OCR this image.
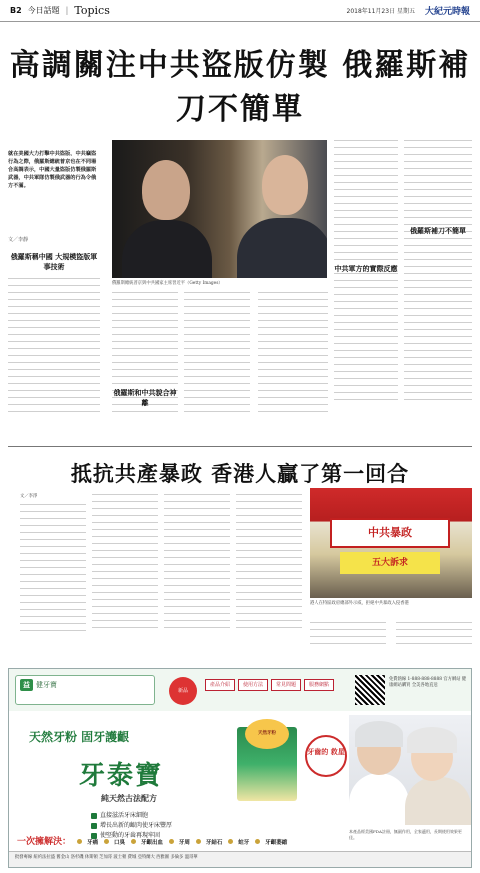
B2 今日話題 | Topics	2018年11月23日 星期五 大紀元時報
高調關注中共盜版仿製 俄羅斯補刀不簡單
就在美國大力打擊中共盜版、中共竊盜行為之際，俄羅斯總統普京也在不同場合高調表示，中國大量盜版仿製俄羅斯武器，中共軍隊仿製俄武器的行為令俄方不滿。
文／李靜
俄羅斯稱中國 大規模盜版軍事技術
俄羅斯總統普京與中共國家主席習近平（Getty Images）
俄羅斯和中共貌合神離
中共軍方的實際反應
俄羅斯補刀不簡單
抵抗共產暴政 香港人贏了第一回合
文／李淨
中共暴政
五大訴求
港人在特區政府總部外示威，拒絕中共暴政入侵香港
益 健牙寶
新品
產品介紹	使用方法	常見問題	服務網點
免費熱線 1-888-888-8888 官方網站 健康網站購買 全美各地直送
天然牙粉 固牙護齦
牙泰寶
純天然古法配方
直接滋活牙床細胞
增長出新的齦肉使牙床豐厚
使堅動的牙齒再現牢固
天然牙粉
牙齒的 救星
本產品經美國FDA註冊，無副作用，全家適用，長期使用效果更佳。
一次擁解決：	牙痛	口臭	牙齦出血	牙周	牙結石	蛀牙	牙齦萎縮
批發專線 紐約法拉盛 舊金山 洛杉磯 休斯頓 芝加哥 波士頓 費城 亞特蘭大 西雅圖 多倫多 溫哥華
